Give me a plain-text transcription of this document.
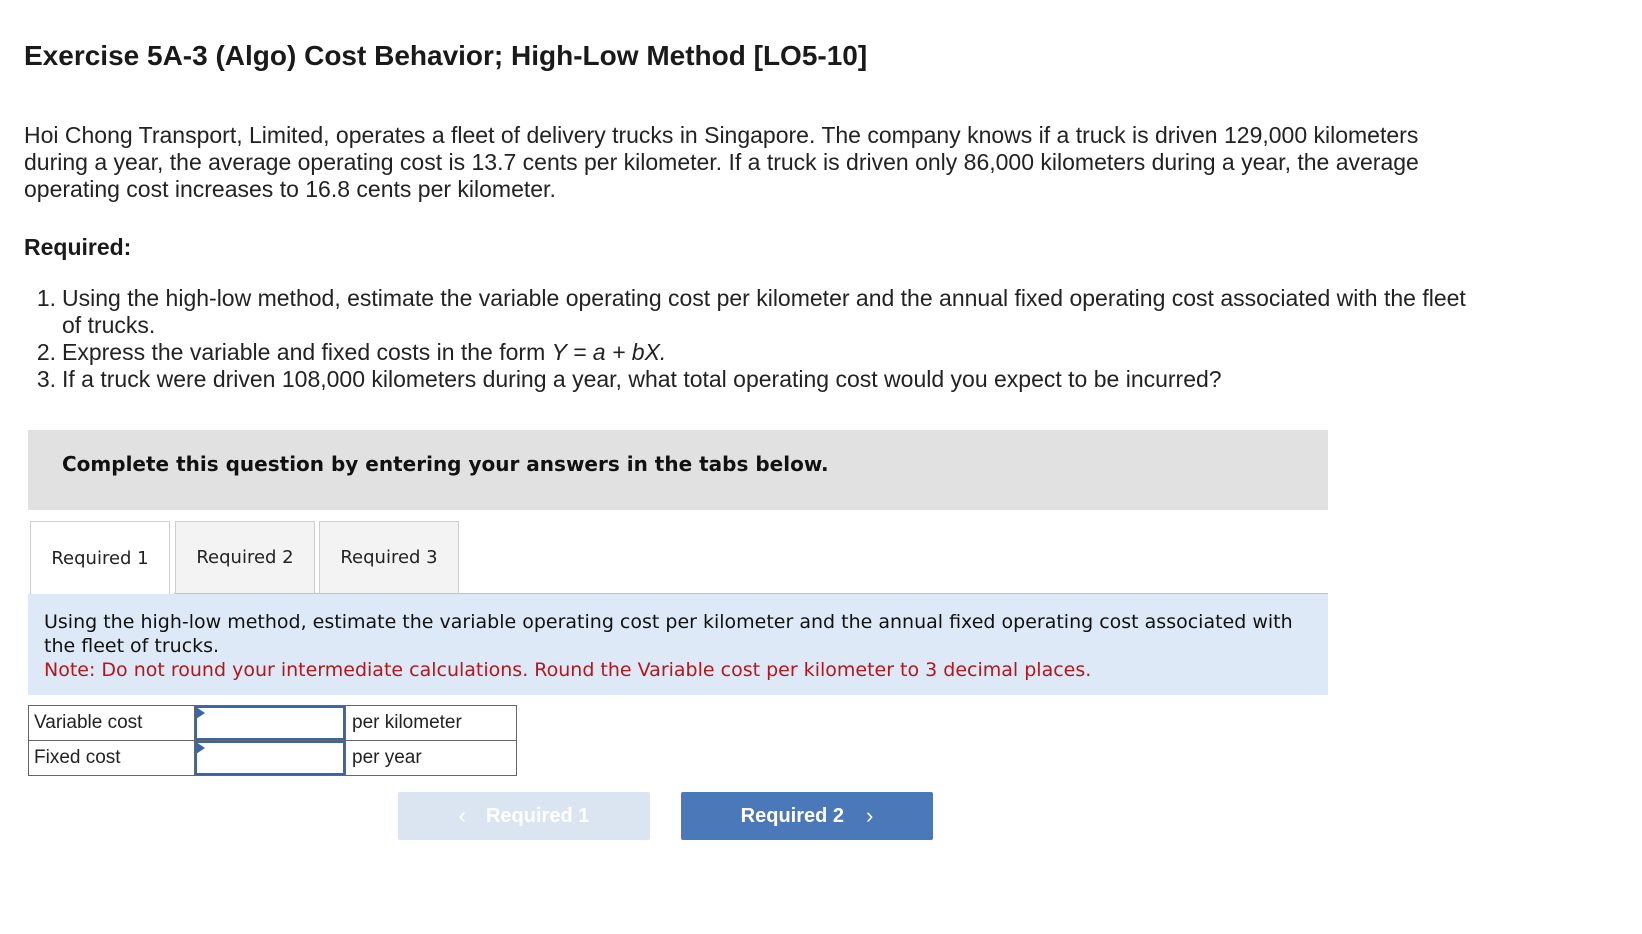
Exercise 5A-3 (Algo) Cost Behavior; High-Low Method [LO5-10]

Hoi Chong Transport, Limited, operates a fleet of delivery trucks in Singapore. The company knows if a truck is driven 129,000 kilometers during a year, the average operating cost is 13.7 cents per kilometer. If a truck is driven only 86,000 kilometers during a year, the average operating cost increases to 16.8 cents per kilometer.

Required:
1. Using the high-low method, estimate the variable operating cost per kilometer and the annual fixed operating cost associated with the fleet of trucks.
2. Express the variable and fixed costs in the form Y = a + bX.
3. If a truck were driven 108,000 kilometers during a year, what total operating cost would you expect to be incurred?
Complete this question by entering your answers in the tabs below.
Required 1	Required 2	Required 3
Using the high-low method, estimate the variable operating cost per kilometer and the annual fixed operating cost associated with the fleet of trucks.
Note: Do not round your intermediate calculations. Round the Variable cost per kilometer to 3 decimal places.
Variable cost		per kilometer
Fixed cost		per year
‹ Required 1	Required 2 ›
